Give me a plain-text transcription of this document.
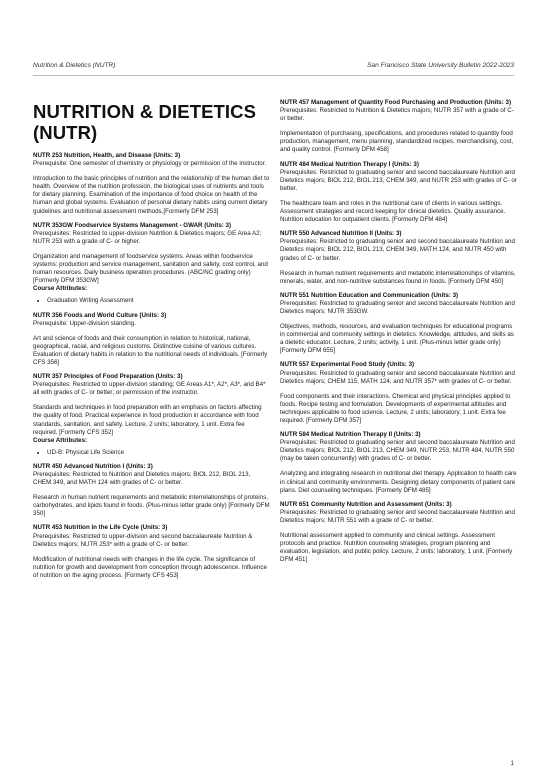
Nutrition & Dietetics (NUTR)	San Francisco State University Bulletin 2022-2023
NUTRITION & DIETETICS
(NUTR)
NUTR 253 Nutrition, Health, and Disease (Units: 3)
Prerequisite: One semester of chemistry or physiology or permission of the instructor.
Introduction to the basic principles of nutrition and the relationship of the human diet to health. Overview of the nutrition profession, the biological uses of nutrients and tools for dietary planning. Examination of the importance of food choice on health of the human and global systems. Evaluation of personal dietary habits using current dietary guidelines and nutritional assessment methods.[Formerly DFM 253]
NUTR 353GW Foodservice Systems Management - GWAR (Units: 3)
Prerequisites: Restricted to upper-division Nutrition & Dietetics majors; GE Area A2; NUTR 253 with a grade of C- or higher.
Organization and management of foodservice systems. Areas within foodservice systems: production and service management, sanitation and safety, cost control, and human resources. Daily business operation procedures. (ABC/NC grading only) [Formerly DFM 353GW]
Course Attributes:
• Graduation Writing Assessment
NUTR 356 Foods and World Culture (Units: 3)
Prerequisite: Upper-division standing.
Art and science of foods and their consumption in relation to historical, national, geographical, racial, and religious customs. Distinctive cuisine of various cultures. Evaluation of dietary habits in relation to the nutritional needs of individuals. [Formerly CFS 356]
NUTR 357 Principles of Food Preparation (Units: 3)
Prerequisites: Restricted to upper-division standing; GE Areas A1*, A2*, A3*, and B4* all with grades of C- or better; or permission of the instructor.
Standards and techniques in food preparation with an emphasis on factors affecting the quality of food. Practical experience in food production in accordance with food standards, sanitation, and safety. Lecture, 2 units; laboratory, 1 unit. Extra fee required. [Formerly CFS 352]
Course Attributes:
• UD-B: Physical Life Science
NUTR 450 Advanced Nutrition I (Units: 3)
Prerequisites: Restricted to Nutrition and Dietetics majors; BIOL 212, BIOL 213, CHEM 349, and MATH 124 with grades of C- or better.
Research in human nutrient requirements and metabolic interrelationships of proteins, carbohydrates, and lipids found in foods. (Plus-minus letter grade only) [Formerly DFM 350]
NUTR 453 Nutrition in the Life Cycle (Units: 3)
Prerequisites: Restricted to upper-division and second baccalaureate Nutrition & Dietetics majors; NUTR 253* with a grade of C- or better.
Modification of nutritional needs with changes in the life cycle. The significance of nutrition for growth and development from conception through adolescence. Influence of nutrition on the aging process. [Formerly CFS 453]
NUTR 457 Management of Quantity Food Purchasing and Production (Units: 3)
Prerequisites: Restricted to Nutrition & Dietetics majors; NUTR 357 with a grade of C- or better.
Implementation of purchasing, specifications, and procedures related to quantity food production, management, menu planning, standardized recipes, merchandising, cost, and quality control. [Formerly DFM 458]
NUTR 484 Medical Nutrition Therapy I (Units: 3)
Prerequisites: Restricted to graduating senior and second baccalaureate Nutrition and Dietetics majors; BIOL 212, BIOL 213, CHEM 349, and NUTR 253 with grades of C- or better.
The healthcare team and roles in the nutritional care of clients in various settings. Assessment strategies and record keeping for clinical dietetics. Quality assurance. Nutrition education for outpatient clients. [Formerly DFM 484]
NUTR 550 Advanced Nutrition II (Units: 3)
Prerequisites: Restricted to graduating senior and second baccalaureate Nutrition and Dietetics majors; BIOL 212, BIOL 213, CHEM 349, MATH 124, and NUTR 450 with grades of C- or better.
Research in human nutrient requirements and metabolic interrelationships of vitamins, minerals, water, and non-nutritive substances found in foods. [Formerly DFM 450]
NUTR 551 Nutrition Education and Communication (Units: 3)
Prerequisites: Restricted to graduating senior and second baccalaureate Nutrition and Dietetics majors; NUTR 353GW.
Objectives, methods, resources, and evaluation techniques for educational programs in commercial and community settings in dietetics. Knowledge, attitudes, and skills as a dietetic educator. Lecture, 2 units; activity, 1 unit. (Plus-minus letter grade only) [Formerly DFM 655]
NUTR 557 Experimental Food Study (Units: 3)
Prerequisites: Restricted to graduating senior and second baccalaureate Nutrition and Dietetics majors; CHEM 115, MATH 124, and NUTR 357* with grades of C- or better.
Food components and their interactions. Chemical and physical principles applied to foods. Recipe testing and formulation. Developments of experimental attitudes and techniques applicable to food science. Lecture, 2 units; laboratory, 1 unit. Extra fee required. [Formerly DFM 357]
NUTR 584 Medical Nutrition Therapy II (Units: 3)
Prerequisites: Restricted to graduating senior and second baccalaureate Nutrition and Dietetics majors; BIOL 212, BIOL 213, CHEM 349, NUTR 253, NUTR 484, NUTR 550 (may be taken concurrently) with grades of C- or better.
Analyzing and integrating research in nutritional diet therapy. Application to health care in clinical and community environments. Designing dietary components of patient care plans. Diet counseling techniques. [Formerly DFM 485]
NUTR 651 Community Nutrition and Assessment (Units: 3)
Prerequisites: Restricted to graduating senior and second baccalaureate Nutrition and Dietetics majors; NUTR 551 with a grade of C- or better.
Nutritional assessment applied to community and clinical settings. Assessment protocols and practice. Nutrition counseling strategies, program planning and evaluation, legislation, and public policy. Lecture, 2 units; laboratory, 1 unit. [Formerly DFM 451]
1
